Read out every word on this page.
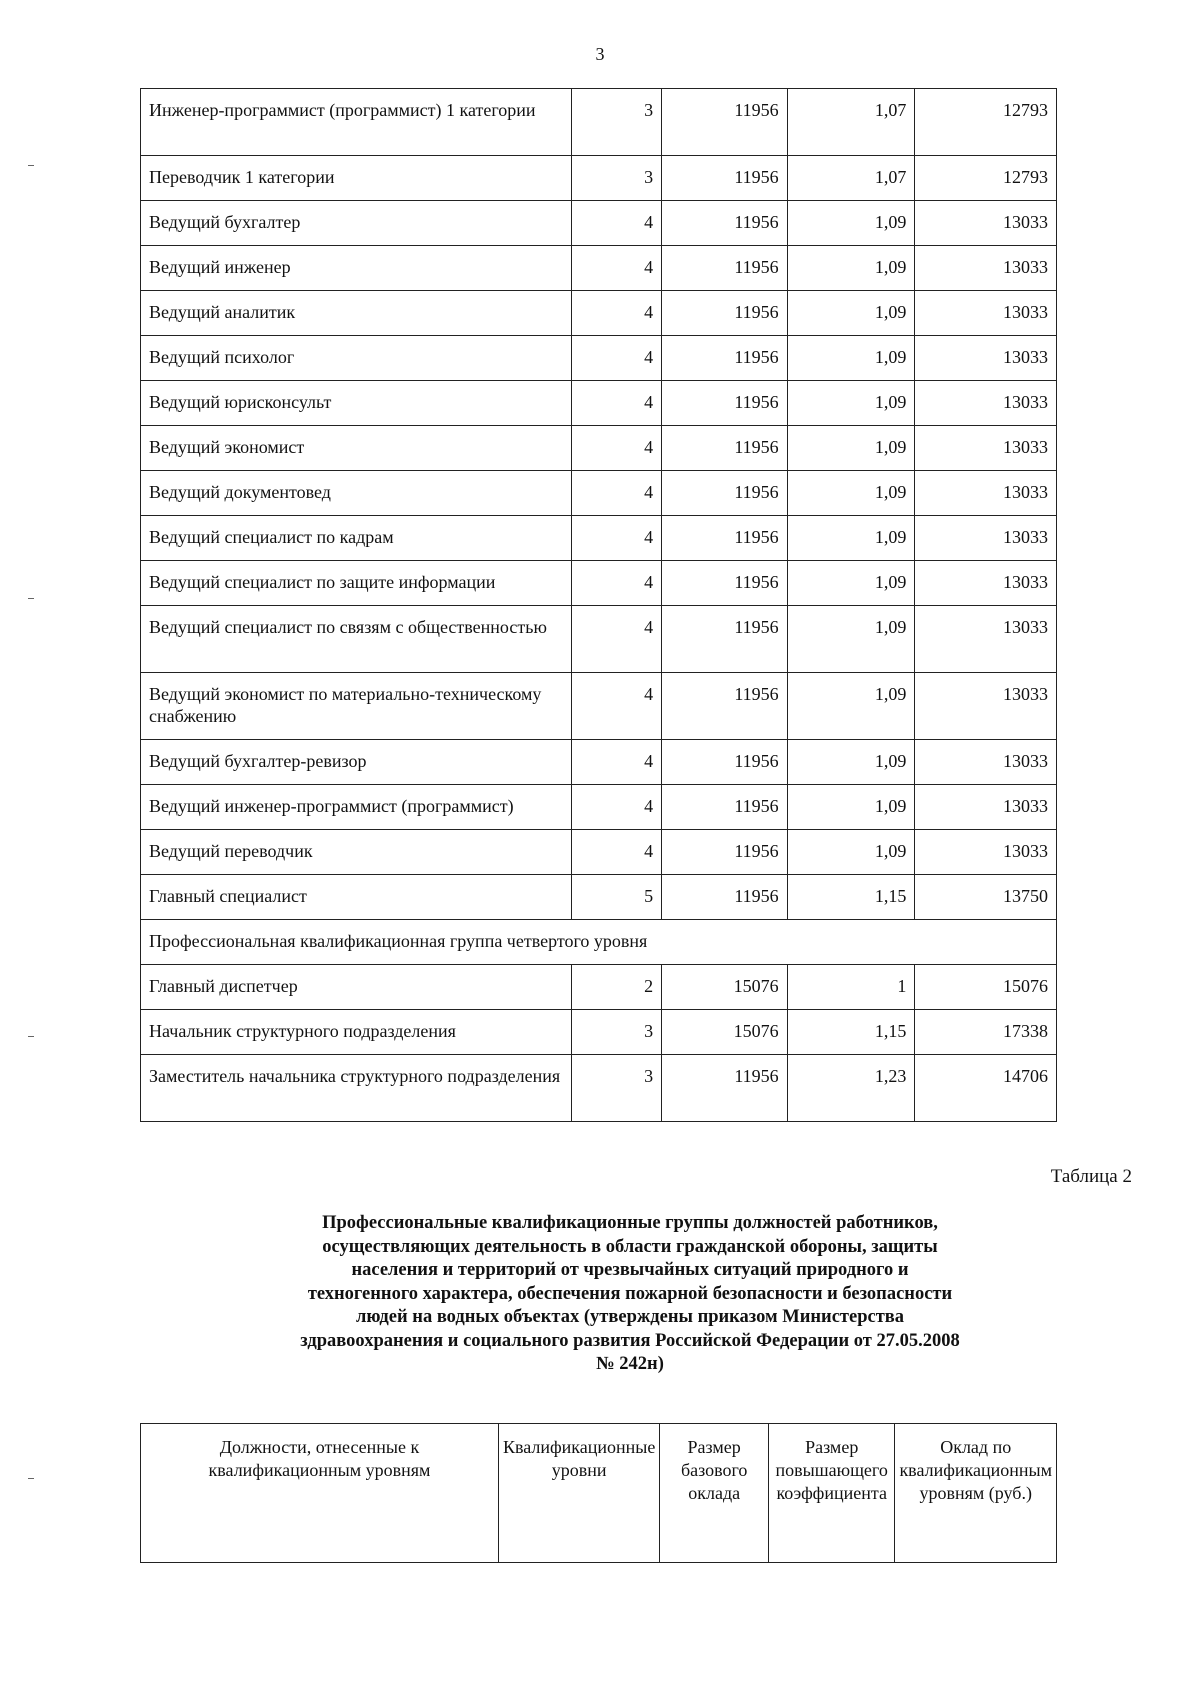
3
Инженер-программист (программист) 1 категории	3	11956	1,07	12793
Переводчик 1 категории	3	11956	1,07	12793
Ведущий бухгалтер	4	11956	1,09	13033
Ведущий инженер	4	11956	1,09	13033
Ведущий аналитик	4	11956	1,09	13033
Ведущий психолог	4	11956	1,09	13033
Ведущий юрисконсульт	4	11956	1,09	13033
Ведущий экономист	4	11956	1,09	13033
Ведущий документовед	4	11956	1,09	13033
Ведущий специалист по кадрам	4	11956	1,09	13033
Ведущий специалист по защите информации	4	11956	1,09	13033
Ведущий специалист по связям с общественностью	4	11956	1,09	13033
Ведущий экономист по материально-техническому снабжению	4	11956	1,09	13033
Ведущий бухгалтер-ревизор	4	11956	1,09	13033
Ведущий инженер-программист (программист)	4	11956	1,09	13033
Ведущий переводчик	4	11956	1,09	13033
Главный специалист	5	11956	1,15	13750
Профессиональная квалификационная группа четвертого уровня				
Главный диспетчер	2	15076	1	15076
Начальник структурного подразделения	3	15076	1,15	17338
Заместитель начальника структурного подразделения	3	11956	1,23	14706
Таблица 2
Профессиональные квалификационные группы должностей работников, осуществляющих деятельность в области гражданской обороны, защиты населения и территорий от чрезвычайных ситуаций природного и техногенного характера, обеспечения пожарной безопасности и безопасности людей на водных объектах (утверждены приказом Министерства здравоохранения и социального развития Российской Федерации от 27.05.2008 № 242н)
Должности, отнесенные к квалификационным уровням	Квалификационные уровни	Размер базового оклада	Размер повышающего коэффициента	Оклад по квалификационным уровням (руб.)
